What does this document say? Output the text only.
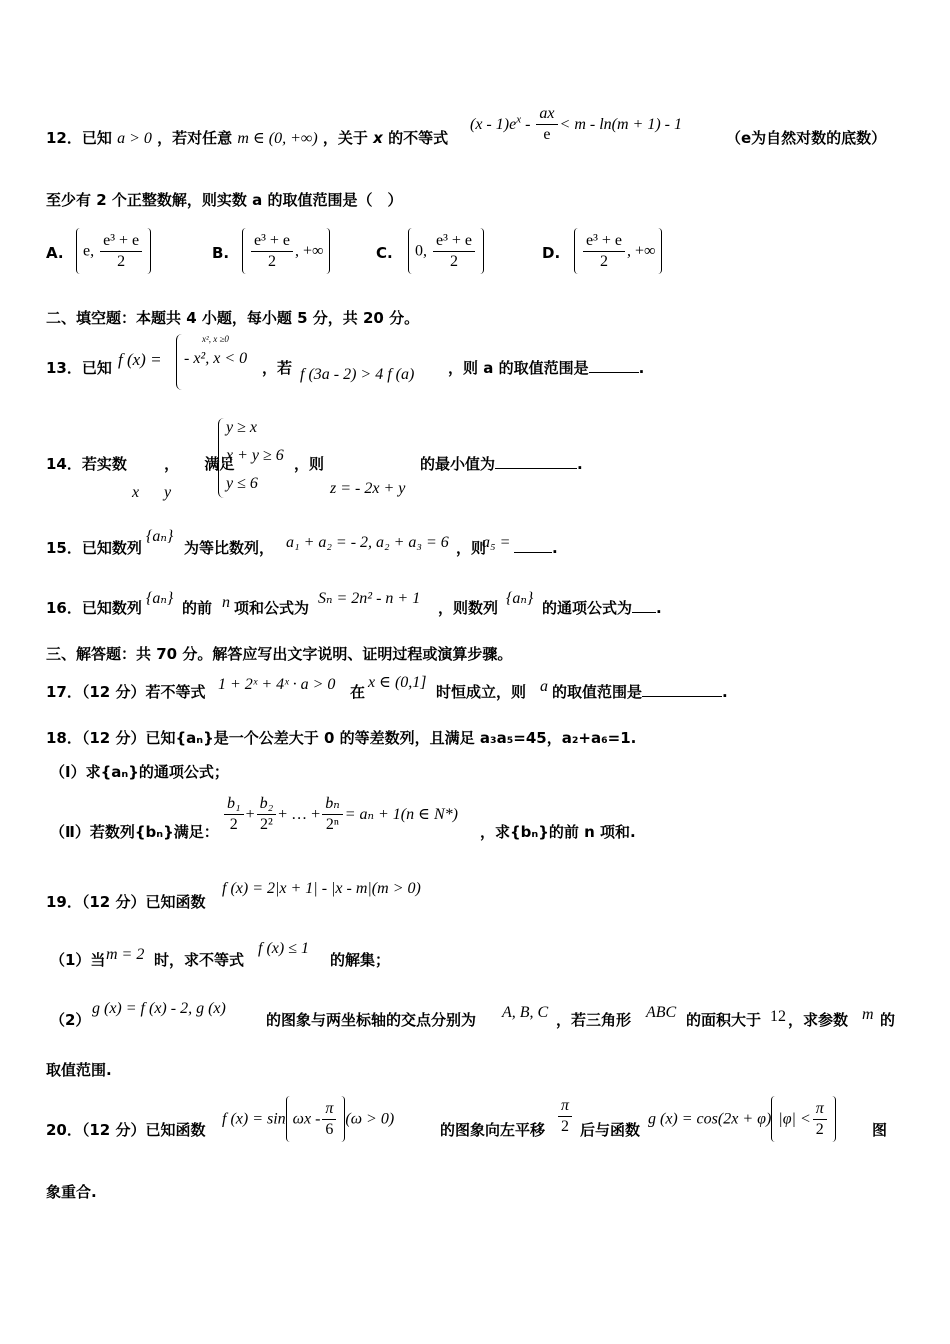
12．已知 a > 0 ，若对任意 m ∈ (0, +∞) ，关于 x 的不等式
$(x - 1)e^x - \frac{ax}{e} < m - \ln(m + 1) - 1$
（e为自然对数的底数）
至少有 2 个正整数解，则实数 a 的取值范围是（　）
A.	e, $\frac{\text{e³ + e}}{2}$	B. $\frac{\text{e³ + e}}{2}$ , +∞	C.	0, $\frac{\text{e³ + e}}{2}$	D. $\frac{\text{e³ + e}}{2}$ , +∞
二、填空题：本题共 4 小题，每小题 5 分，共 20 分。
13．已知 f (x) =
x², x ≥0
- x², x < 0
，若 f (3a - 2) > 4 f (a) ，则 a 的取值范围是	.
14．若实数 ， 满足
x y
y ≥ x
x + y ≥ 6
y ≤ 6
，则
z = - 2x + y
的最小值为	.
15．已知数列
{aₙ}
为等比数列， a₁ + a₂ = - 2, a₂ + a₃ = 6 ，则
a₅ =	.
16．已知数列
{aₙ}
的前 n 项和公式为
Sₙ = 2n² - n + 1
，则数列
{aₙ}
的通项公式为 .
三、解答题：共 70 分。解答应写出文字说明、证明过程或演算步骤。
17．（12 分）若不等式 1 + 2ˣ + 4ˣ · a > 0 在
x ∈ (0,1]
时恒成立，则 a 的取值范围是	.
18．（12 分）已知{aₙ}是一个公差大于 0 的等差数列，且满足 a₃a₅=45，a₂+a₆=1.
（I）求{aₙ}的通项公式；
（Ⅱ）若数列{bₙ}满足： $\frac{\text{b₁}}{2} + \frac{\text{b₂}}{\text{2²}}$ + … + $\frac{\text{bₙ}}{\text{2ⁿ}} = a_n + 1(n$ ∈ N*)
，求{bₙ}的前 n 项和.
19．（12 分）已知函数
f (x) = 2|x + 1| - |x - m|(m > 0)
（1）当 m = 2 时，求不等式
f (x) ≤ 1
的解集；
（2）
g (x) = f (x) - 2, g (x)
的图象与两坐标轴的交点分别为 A, B, C ，若三角形 ABC 的面积大于 12 ，求参数 m 的
取值范围.
20．（12 分）已知函数
f $(x) = \sin \omega x - \frac{\pi}{6} (\omega > 0)$
的图象向左平移 $\frac{\pi}{2}$ 后与函数
g (x) = cos(2x + φ) $|\varphi| < \frac{\pi}{2}$	图
象重合.
